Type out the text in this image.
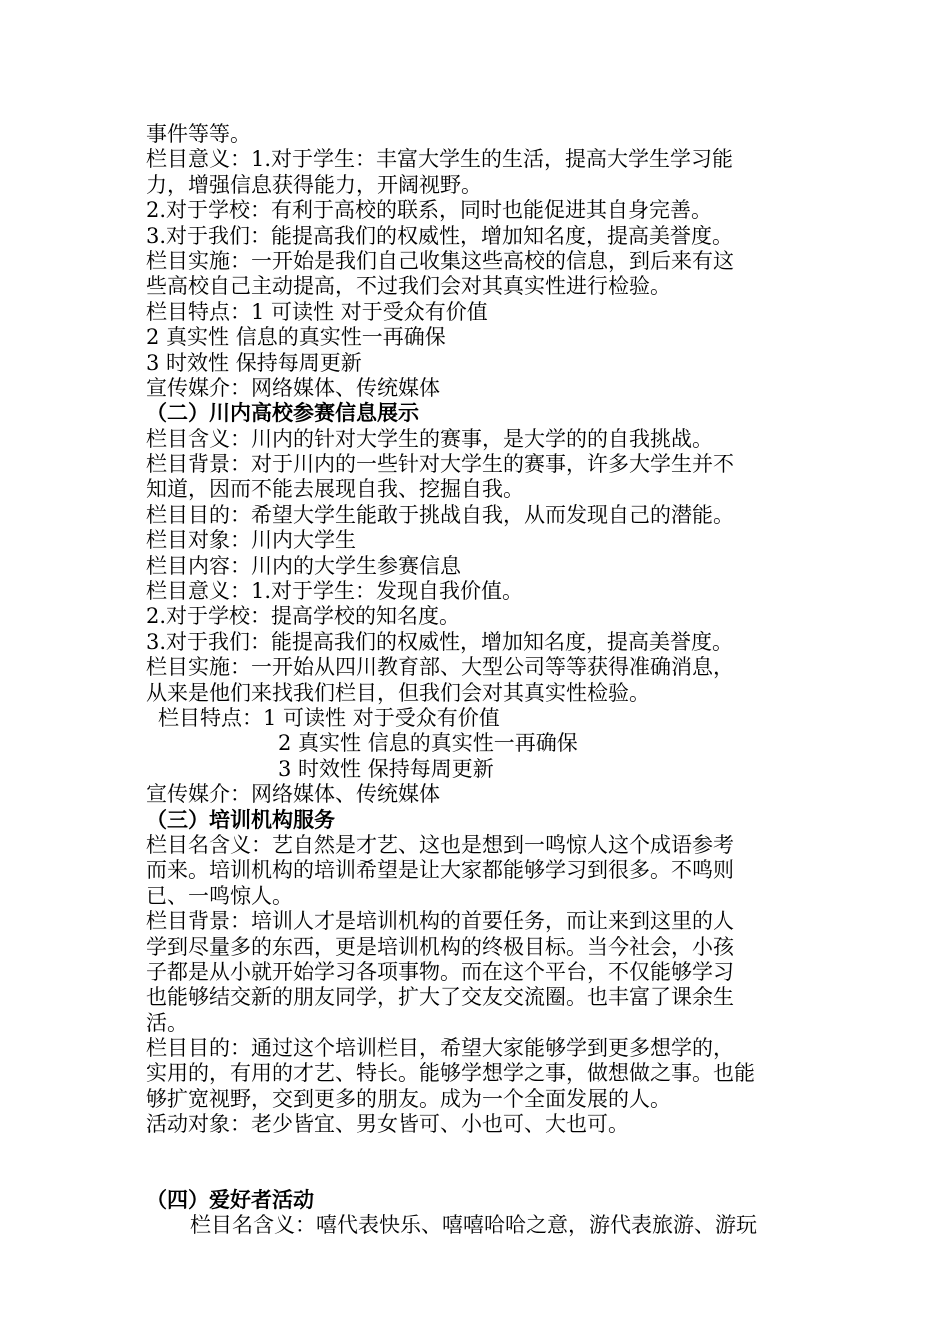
事件等等。
栏目意义：1.对于学生：丰富大学生的生活，提高大学生学习能
力，增强信息获得能力，开阔视野。
2.对于学校：有利于高校的联系，同时也能促进其自身完善。
3.对于我们：能提高我们的权威性，增加知名度，提高美誉度。
栏目实施：一开始是我们自己收集这些高校的信息，到后来有这
些高校自己主动提高，不过我们会对其真实性进行检验。
栏目特点：1 可读性 对于受众有价值
2 真实性 信息的真实性一再确保
3 时效性 保持每周更新
宣传媒介：网络媒体、传统媒体
（二）川内高校参赛信息展示
栏目含义：川内的针对大学生的赛事，是大学的的自我挑战。
栏目背景：对于川内的一些针对大学生的赛事，许多大学生并不
知道，因而不能去展现自我、挖掘自我。
栏目目的：希望大学生能敢于挑战自我，从而发现自己的潜能。
栏目对象：川内大学生
栏目内容：川内的大学生参赛信息
栏目意义：1.对于学生：发现自我价值。
2.对于学校：提高学校的知名度。
3.对于我们：能提高我们的权威性，增加知名度，提高美誉度。
栏目实施：一开始从四川教育部、大型公司等等获得准确消息，
从来是他们来找我们栏目，但我们会对其真实性检验。
栏目特点：1 可读性 对于受众有价值
2 真实性 信息的真实性一再确保
3 时效性 保持每周更新
宣传媒介：网络媒体、传统媒体
（三）培训机构服务
栏目名含义：艺自然是才艺、这也是想到一鸣惊人这个成语参考
而来。培训机构的培训希望是让大家都能够学习到很多。不鸣则
已、一鸣惊人。
栏目背景：培训人才是培训机构的首要任务，而让来到这里的人
学到尽量多的东西，更是培训机构的终极目标。当今社会，小孩
子都是从小就开始学习各项事物。而在这个平台，不仅能够学习
也能够结交新的朋友同学，扩大了交友交流圈。也丰富了课余生
活。
栏目目的：通过这个培训栏目，希望大家能够学到更多想学的，
实用的，有用的才艺、特长。能够学想学之事，做想做之事。也能
够扩宽视野，交到更多的朋友。成为一个全面发展的人。
活动对象：老少皆宜、男女皆可、小也可、大也可。
（四）爱好者活动
栏目名含义：嘻代表快乐、嘻嘻哈哈之意，游代表旅游、游玩
